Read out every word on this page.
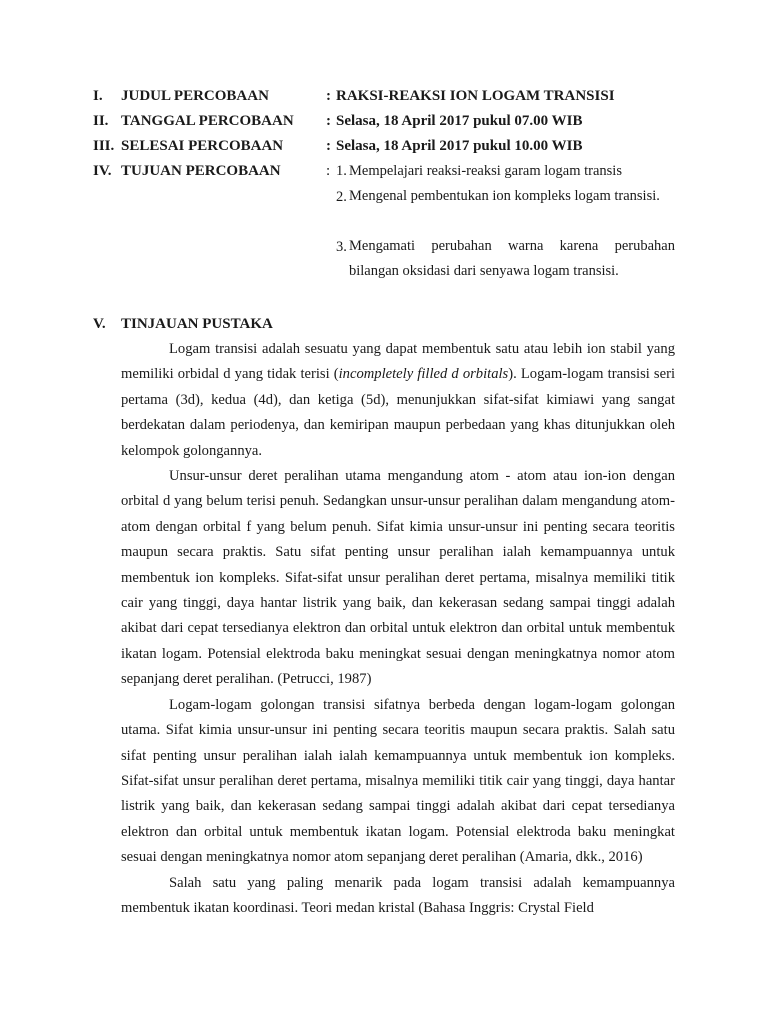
I. JUDUL PERCOBAAN	: RAKSI-REAKSI ION LOGAM TRANSISI
II. TANGGAL PERCOBAAN : Selasa, 18 April 2017 pukul 07.00 WIB
III. SELESAI PERCOBAAN	: Selasa, 18 April 2017 pukul 10.00 WIB
IV. TUJUAN PERCOBAAN	: 1. Mempelajari reaksi-reaksi garam logam transis
2. Mengenal pembentukan ion kompleks logam transisi.
3. Mengamati perubahan warna karena perubahan bilangan oksidasi dari senyawa logam transisi.
V. TINJAUAN PUSTAKA

Logam transisi adalah sesuatu yang dapat membentuk satu atau lebih ion stabil yang memiliki orbidal d yang tidak terisi (incompletely filled d orbitals). Logam-logam transisi seri pertama (3d), kedua (4d), dan ketiga (5d), menunjukkan sifat-sifat kimiawi yang sangat berdekatan dalam periodenya, dan kemiripan maupun perbedaan yang khas ditunjukkan oleh kelompok golongannya.

Unsur-unsur deret peralihan utama mengandung atom - atom atau ion-ion dengan orbital d yang belum terisi penuh. Sedangkan unsur-unsur peralihan dalam mengandung atom-atom dengan orbital f yang belum penuh. Sifat kimia unsur-unsur ini penting secara teoritis maupun secara praktis. Satu sifat penting unsur peralihan ialah kemampuannya untuk membentuk ion kompleks. Sifat-sifat unsur peralihan deret pertama, misalnya memiliki titik cair yang tinggi, daya hantar listrik yang baik, dan kekerasan sedang sampai tinggi adalah akibat dari cepat tersedianya elektron dan orbital untuk elektron dan orbital untuk membentuk ikatan logam. Potensial elektroda baku meningkat sesuai dengan meningkatnya nomor atom sepanjang deret peralihan. (Petrucci, 1987)

Logam-logam golongan transisi sifatnya berbeda dengan logam-logam golongan utama. Sifat kimia unsur-unsur ini penting secara teoritis maupun secara praktis. Salah satu sifat penting unsur peralihan ialah ialah kemampuannya untuk membentuk ion kompleks. Sifat-sifat unsur peralihan deret pertama, misalnya memiliki titik cair yang tinggi, daya hantar listrik yang baik, dan kekerasan sedang sampai tinggi adalah akibat dari cepat tersedianya elektron dan orbital untuk membentuk ikatan logam. Potensial elektroda baku meningkat sesuai dengan meningkatnya nomor atom sepanjang deret peralihan (Amaria, dkk., 2016)

Salah satu yang paling menarik pada logam transisi adalah kemampuannya membentuk ikatan koordinasi. Teori medan kristal (Bahasa Inggris: Crystal Field
